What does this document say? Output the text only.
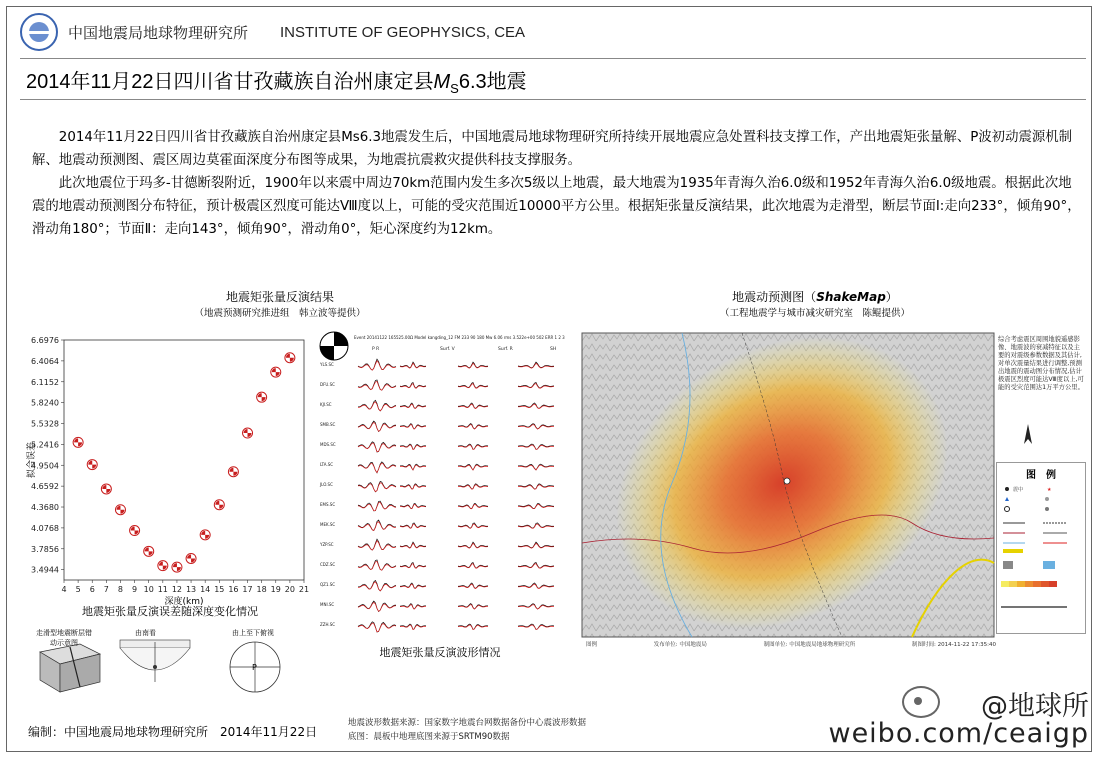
中国地震局地球物理研究所 INSTITUTE OF GEOPHYSICS, CEA
2014年11月22日四川省甘孜藏族自治州康定县$M_S6.3$地震

2014年11月22日四川省甘孜藏族自治州康定县Ms6.3地震发生后，中国地震局地球物理研究所持续开展地震应急处置科技支撑工作，产出地震矩张量解、P波初动震源机制解、地震动预测图、震区周边莫霍面深度分布图等成果，为地震抗震救灾提供科技支撑服务。

此次地震位于玛多-甘德断裂附近，1900年以来震中周边70km范围内发生多次5级以上地震，最大地震为1935年青海久治6.0级和1952年青海久治6.0级地震。根据此次地震的地震动预测图分布特征，预计极震区烈度可能达Ⅷ度以上，可能的受灾范围近10000平方公里。根据矩张量反演结果，此次地震为走滑型，断层节面Ⅰ:走向233°，倾角90°，滑动角180°；节面Ⅱ：走向143°，倾角90°，滑动角0°，矩心深度约为12km。

地震矩张量反演结果
（地震预测研究推进组　韩立波等提供）
6.6976
6.4064
6.1152
5.8240
5.5328
5.2416
4.9504
4.6592
4.3680
4.0768
3.7856
3.4944
4 5 6 7 8 9 10 11 12 13 14 15 16 17 18 19 20 21
深度(km)
拟合误差
地震矩张量反演误差随深度变化情况
P
走滑型地震断层错动示意图
由南看	由上至下俯视
Event 20141122 165525.00Ω Model kangding_12 FM 233 90 180 Mw 6.06 rms 3.522e+00 502 ERR 1 2 3
P R	Surf. V	Surf. R	SH
YLS.SC
DFU.SC
KJI.SC
SMB.SC
MDS.SC
LTA.SC
JLO.SC
EMS.SC
MEK.SC
YZP.SC
CDZ.SC
QZ1.SC
MNI.SC
ZZH.SC
地震矩张量反演波形情况
地震动预测图（ShakeMap）
（工程地震学与城市减灾研究室　陈鲲提供）
综合考虑震区周围地貌遥感影像、地震波的衰减特征以及主要的对震级参数数据及其估计,对单次震量结果进行调整,预测出地震的震动图分布情况,估计极震区烈度可能达Ⅷ度以上,可能的受灾范围达1万平方公里。
图　例
震中	★
图例	发布单位: 中国地震局	制图单位: 中国地震局地球物理研究所	制图时间: 2014-11-22 17:35:40
编制：中国地震局地球物理研究所　2014年11月22日
地震波形数据来源：国家数字地震台网数据备份中心震波形数据
底图：晨板中地理底图来源于SRTM90数据
@地球所
weibo.com/ceaigp
